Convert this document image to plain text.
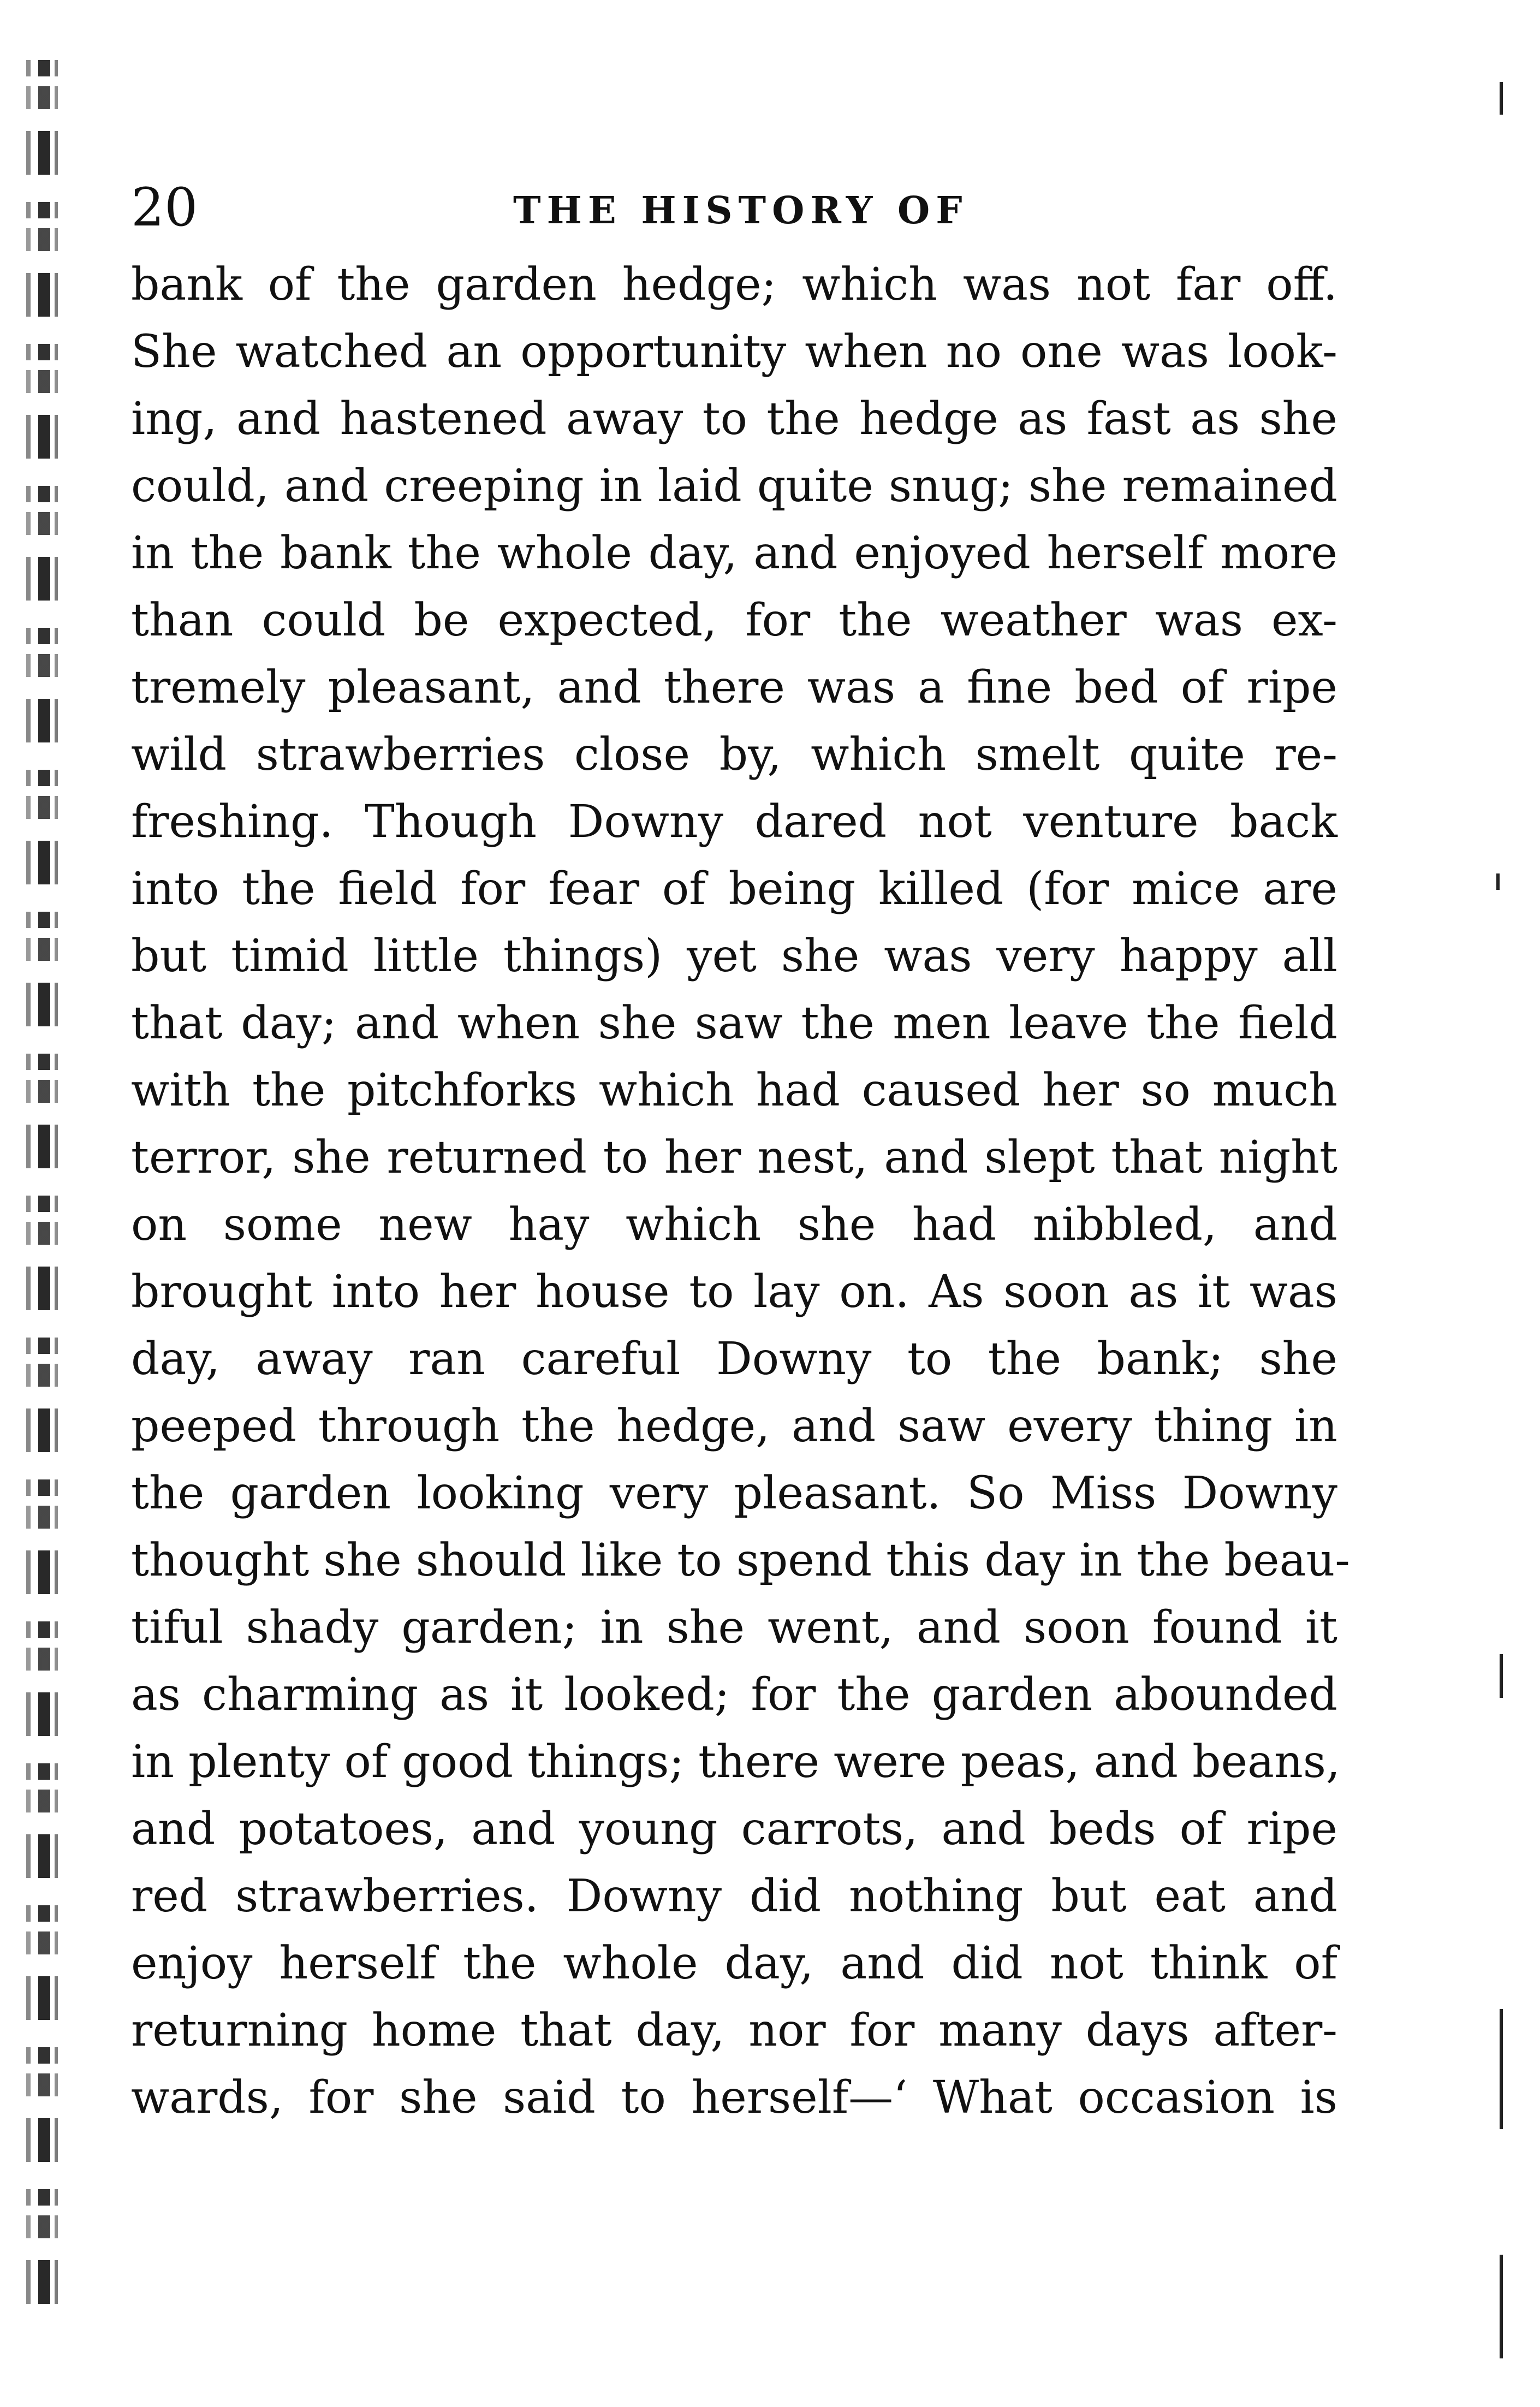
20	THE HISTORY OF
bank of the garden hedge; which was not far off.
She watched an opportunity when no one was look-
ing, and hastened away to the hedge as fast as she
could, and creeping in laid quite snug; she remained
in the bank the whole day, and enjoyed herself more
than could be expected, for the weather was ex-
tremely pleasant, and there was a fine bed of ripe
wild strawberries close by, which smelt quite re-
freshing. Though Downy dared not venture back
into the field for fear of being killed (for mice are
but timid little things) yet she was very happy all
that day; and when she saw the men leave the field
with the pitchforks which had caused her so much
terror, she returned to her nest, and slept that night
on some new hay which she had nibbled, and
brought into her house to lay on. As soon as it was
day, away ran careful Downy to the bank; she
peeped through the hedge, and saw every thing in
the garden looking very pleasant. So Miss Downy
thought she should like to spend this day in the beau-
tiful shady garden; in she went, and soon found it
as charming as it looked; for the garden abounded
in plenty of good things; there were peas, and beans,
and potatoes, and young carrots, and beds of ripe
red strawberries. Downy did nothing but eat and
enjoy herself the whole day, and did not think of
returning home that day, nor for many days after-
wards, for she said to herself—‘ What occasion is
